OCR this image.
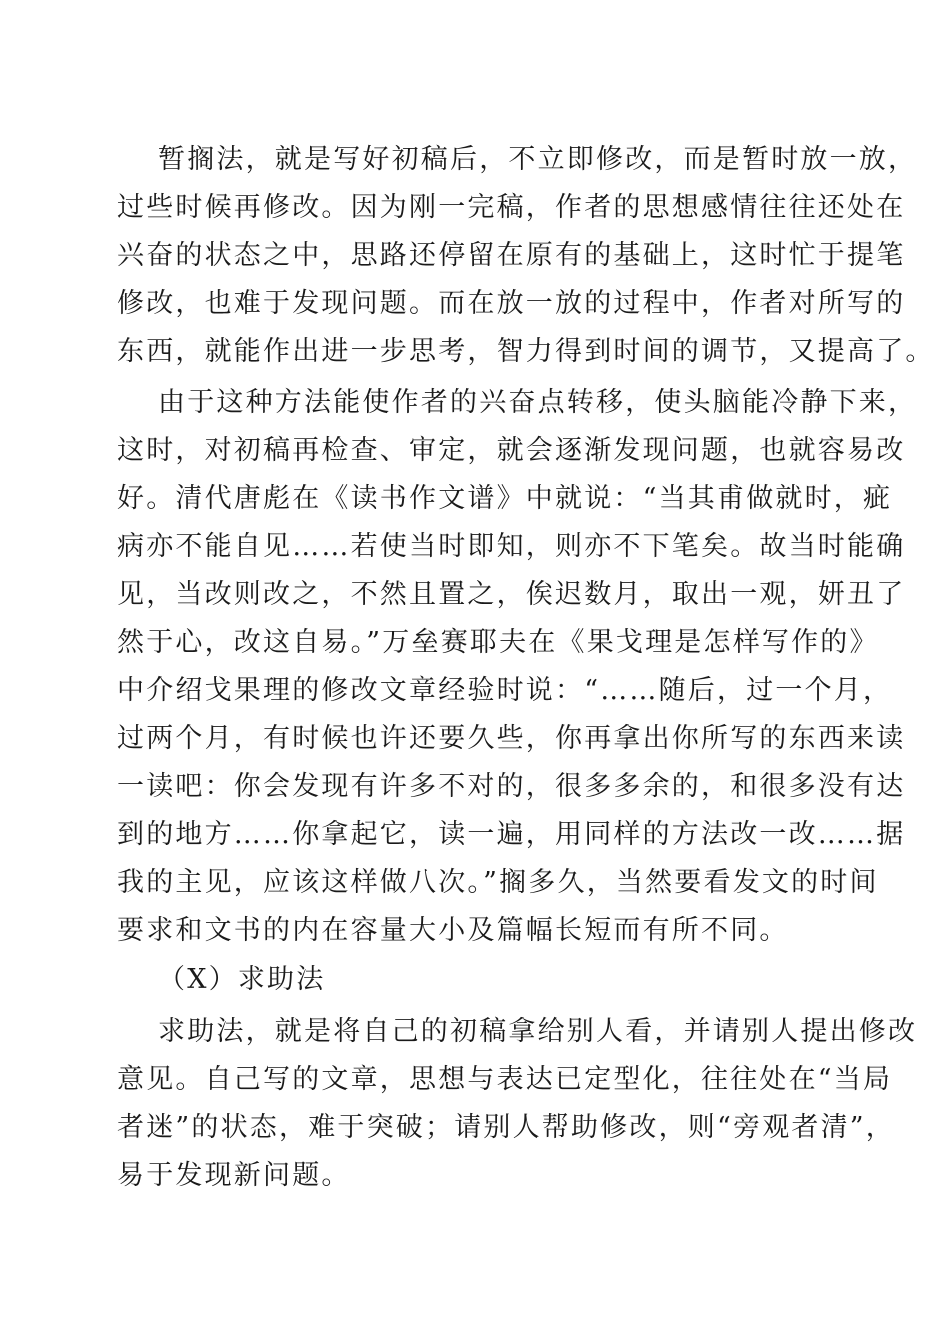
暂搁法，就是写好初稿后，不立即修改，而是暂时放一放，
过些时候再修改。因为刚一完稿，作者的思想感情往往还处在
兴奋的状态之中，思路还停留在原有的基础上，这时忙于提笔
修改，也难于发现问题。而在放一放的过程中，作者对所写的
东西，就能作出进一步思考，智力得到时间的调节，又提高了。
由于这种方法能使作者的兴奋点转移，使头脑能冷静下来，
这时，对初稿再检查、审定，就会逐渐发现问题，也就容易改
好。清代唐彪在《读书作文谱》中就说：“当其甫做就时，疵
病亦不能自见……若使当时即知，则亦不下笔矣。故当时能确
见，当改则改之，不然且置之，俟迟数月，取出一观，妍丑了
然于心，改这自易。”万垒赛耶夫在《果戈理是怎样写作的》
中介绍戈果理的修改文章经验时说：“……随后，过一个月，
过两个月，有时候也许还要久些，你再拿出你所写的东西来读
一读吧：你会发现有许多不对的，很多多余的，和很多没有达
到的地方……你拿起它，读一遍，用同样的方法改一改……据
我的主见，应该这样做八次。”搁多久，当然要看发文的时间
要求和文书的内在容量大小及篇幅长短而有所不同。
（X）求助法
求助法，就是将自己的初稿拿给别人看，并请别人提出修改
意见。自己写的文章，思想与表达已定型化，往往处在“当局
者迷”的状态，难于突破；请别人帮助修改，则“旁观者清”，
易于发现新问题。
